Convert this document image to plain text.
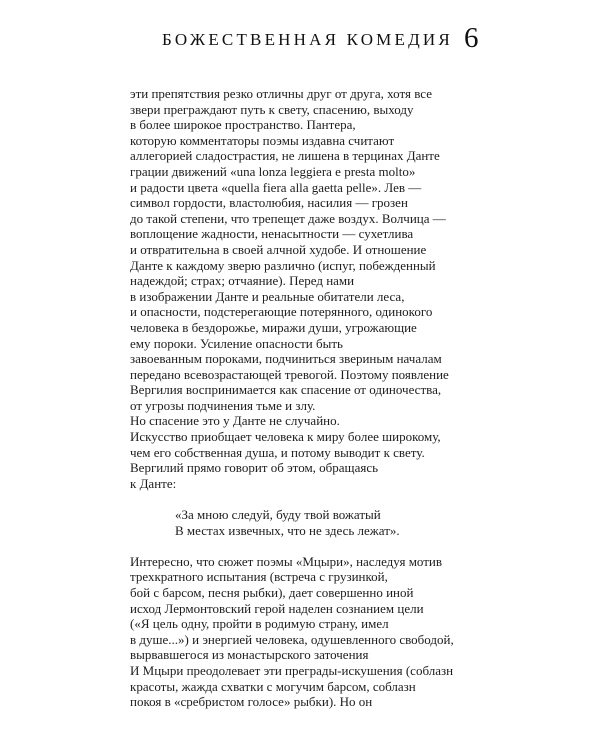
БОЖЕСТВЕННАЯ КОМЕДИЯ 6
эти препятствия резко отличны друг от друга, хотя все
звери преграждают путь к свету, спасению, выходу
в более широкое пространство. Пантера,
которую комментаторы поэмы издавна считают
аллегорией сладострастия, не лишена в терцинах Данте
грации движений «una lonza leggiera e presta molto»
и радости цвета «quella fiera alla gaetta pelle». Лев —
символ гордости, властолюбия, насилия — грозен
до такой степени, что трепещет даже воздух. Волчица —
воплощение жадности, ненасытности — сухетлива
и отвратительна в своей алчной худобе. И отношение
Данте к каждому зверю различно (испуг, побежденный
надеждой; страх; отчаяние). Перед нами
в изображении Данте и реальные обитатели леса,
и опасности, подстерегающие потерянного, одинокого
человека в бездорожье, миражи души, угрожающие
ему пороки. Усиление опасности быть
завоеванным пороками, подчиниться звериным началам
передано всевозрастающей тревогой. Поэтому появление
Вергилия воспринимается как спасение от одиночества,
от угрозы подчинения тьме и злу.
Но спасение это у Данте не случайно.
Искусство приобщает человека к миру более широкому,
чем его собственная душа, и потому выводит к свету.
Вергилий прямо говорит об этом, обращаясь
к Данте:
«За мною следуй, буду твой вожатый
В местах извечных, что не здесь лежат».
Интересно, что сюжет поэмы «Мцыри», наследуя мотив
трехкратного испытания (встреча с грузинкой,
бой с барсом, песня рыбки), дает совершенно иной
исход Лермонтовский герой наделен сознанием цели
(«Я цель одну, пройти в родимую страну, имел
в душе...») и энергией человека, одушевленного свободой,
вырвавшегося из монастырского заточения
И Мцыри преодолевает эти преграды-искушения (соблазн
красоты, жажда схватки с могучим барсом, соблазн
покоя в «сребристом голосе» рыбки). Но он
